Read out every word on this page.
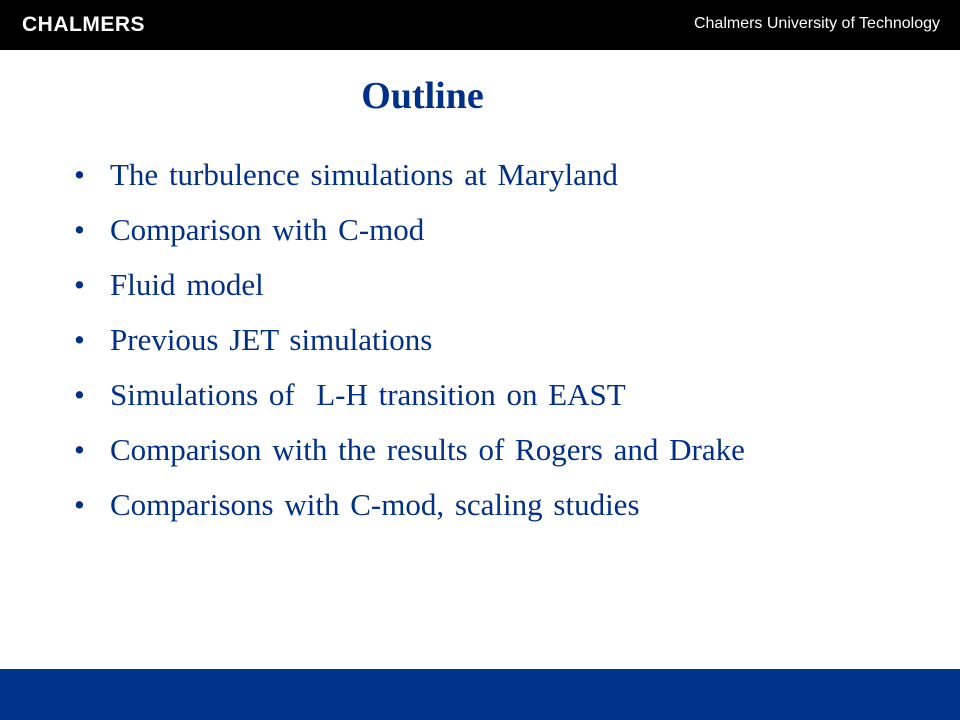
CHALMERS	Chalmers University of Technology
Outline
• The turbulence simulations at Maryland
• Comparison with C-mod
• Fluid model
• Previous JET simulations
• Simulations of  L-H transition on EAST
• Comparison with the results of Rogers and Drake
• Comparisons with C-mod, scaling studies
